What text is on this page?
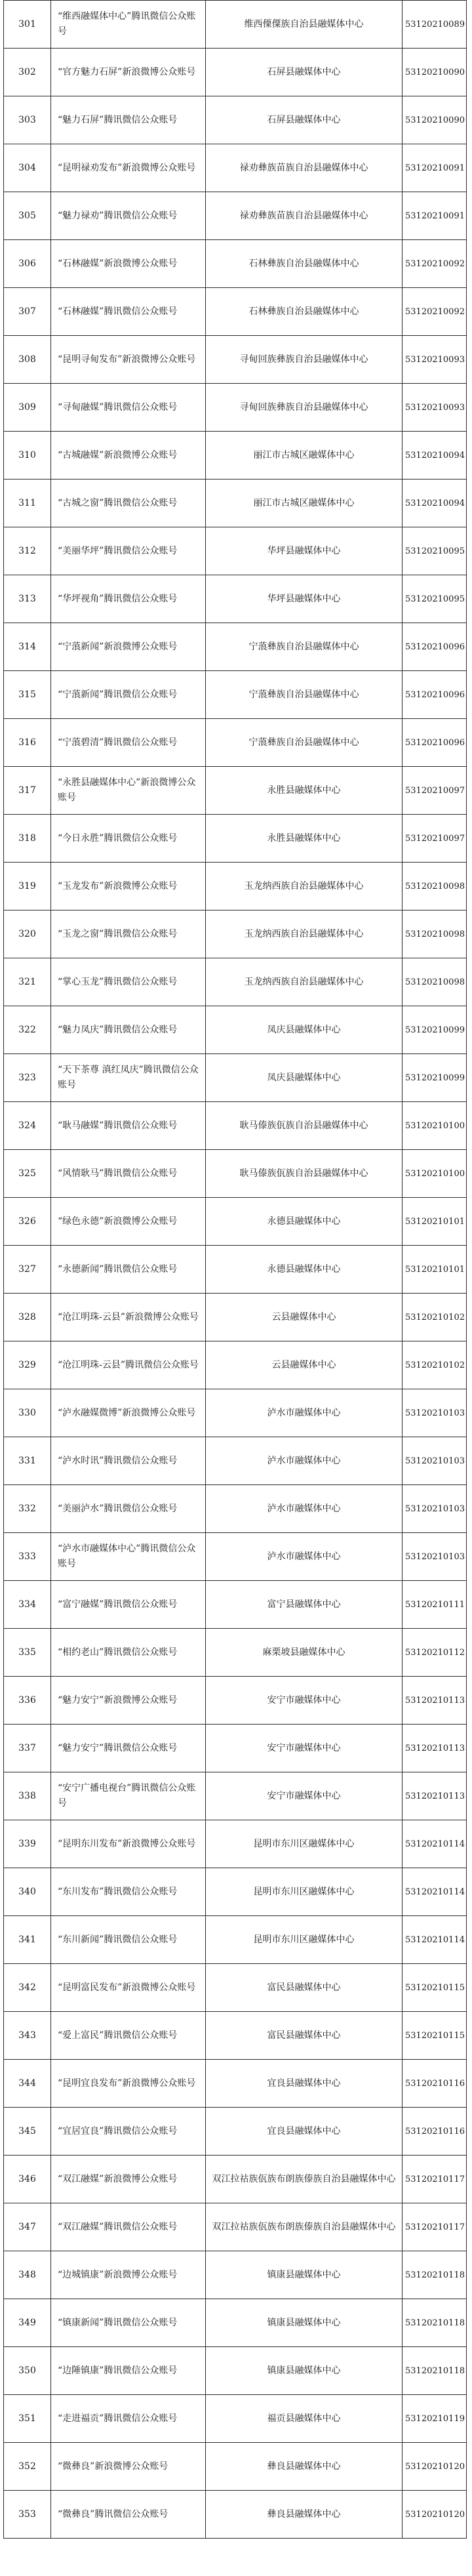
301	“维西融媒体中心”腾讯微信公众账号	维西傈僳族自治县融媒体中心	53120210089
302	“官方魅力石屏”新浪微博公众账号	石屏县融媒体中心	53120210090
303	“魅力石屏”腾讯微信公众账号	石屏县融媒体中心	53120210090
304	“昆明禄劝发布”新浪微博公众账号	禄劝彝族苗族自治县融媒体中心	53120210091
305	“魅力禄劝”腾讯微信公众账号	禄劝彝族苗族自治县融媒体中心	53120210091
306	“石林融媒”新浪微博公众账号	石林彝族自治县融媒体中心	53120210092
307	“石林融媒”腾讯微信公众账号	石林彝族自治县融媒体中心	53120210092
308	“昆明寻甸发布”新浪微博公众账号	寻甸回族彝族自治县融媒体中心	53120210093
309	“寻甸融媒”腾讯微信公众账号	寻甸回族彝族自治县融媒体中心	53120210093
310	“古城融媒”新浪微博公众账号	丽江市古城区融媒体中心	53120210094
311	“古城之窗”腾讯微信公众账号	丽江市古城区融媒体中心	53120210094
312	“美丽华坪”腾讯微信公众账号	华坪县融媒体中心	53120210095
313	“华坪视角”腾讯微信公众账号	华坪县融媒体中心	53120210095
314	“宁蒗新闻”新浪微博公众账号	宁蒗彝族自治县融媒体中心	53120210096
315	“宁蒗新闻”腾讯微信公众账号	宁蒗彝族自治县融媒体中心	53120210096
316	“宁蒗碧清”腾讯微信公众账号	宁蒗彝族自治县融媒体中心	53120210096
317	“永胜县融媒体中心”新浪微博公众账号	永胜县融媒体中心	53120210097
318	“今日永胜”腾讯微信公众账号	永胜县融媒体中心	53120210097
319	“玉龙发布”新浪微博公众账号	玉龙纳西族自治县融媒体中心	53120210098
320	“玉龙之窗”腾讯微信公众账号	玉龙纳西族自治县融媒体中心	53120210098
321	“掌心玉龙”腾讯微信公众账号	玉龙纳西族自治县融媒体中心	53120210098
322	“魅力凤庆”腾讯微信公众账号	凤庆县融媒体中心	53120210099
323	“天下茶尊 滇红凤庆”腾讯微信公众账号	凤庆县融媒体中心	53120210099
324	“耿马融媒”腾讯微信公众账号	耿马傣族佤族自治县融媒体中心	53120210100
325	“风情耿马”腾讯微信公众账号	耿马傣族佤族自治县融媒体中心	53120210100
326	“绿色永德”新浪微博公众账号	永德县融媒体中心	53120210101
327	“永德新闻”腾讯微信公众账号	永德县融媒体中心	53120210101
328	“沧江明珠-云县”新浪微博公众账号	云县融媒体中心	53120210102
329	“沧江明珠-云县”腾讯微信公众账号	云县融媒体中心	53120210102
330	“泸水融媒微博”新浪微博公众账号	泸水市融媒体中心	53120210103
331	“泸水时讯”腾讯微信公众账号	泸水市融媒体中心	53120210103
332	“美丽泸水”腾讯微信公众账号	泸水市融媒体中心	53120210103
333	“泸水市融媒体中心”腾讯微信公众账号	泸水市融媒体中心	53120210103
334	“富宁融媒”腾讯微信公众账号	富宁县融媒体中心	53120210111
335	“相约老山”腾讯微信公众账号	麻栗坡县融媒体中心	53120210112
336	“魅力安宁”新浪微博公众账号	安宁市融媒体中心	53120210113
337	“魅力安宁”腾讯微信公众账号	安宁市融媒体中心	53120210113
338	“安宁广播电视台”腾讯微信公众账号	安宁市融媒体中心	53120210113
339	“昆明东川发布”新浪微博公众账号	昆明市东川区融媒体中心	53120210114
340	“东川发布”腾讯微信公众账号	昆明市东川区融媒体中心	53120210114
341	“东川新闻”腾讯微信公众账号	昆明市东川区融媒体中心	53120210114
342	“昆明富民发布”新浪微博公众账号	富民县融媒体中心	53120210115
343	“爱上富民”腾讯微信公众账号	富民县融媒体中心	53120210115
344	“昆明宜良发布”新浪微博公众账号	宜良县融媒体中心	53120210116
345	“宜居宜良”腾讯微信公众账号	宜良县融媒体中心	53120210116
346	“双江融媒”新浪微博公众账号	双江拉祜族佤族布朗族傣族自治县融媒体中心	53120210117
347	“双江融媒”腾讯微信公众账号	双江拉祜族佤族布朗族傣族自治县融媒体中心	53120210117
348	“边城镇康”新浪微博公众账号	镇康县融媒体中心	53120210118
349	“镇康新闻”腾讯微信公众账号	镇康县融媒体中心	53120210118
350	“边陲镇康”腾讯微信公众账号	镇康县融媒体中心	53120210118
351	“走进福贡”腾讯微信公众账号	福贡县融媒体中心	53120210119
352	“微彝良”新浪微博公众账号	彝良县融媒体中心	53120210120
353	“微彝良”腾讯微信公众账号	彝良县融媒体中心	53120210120
